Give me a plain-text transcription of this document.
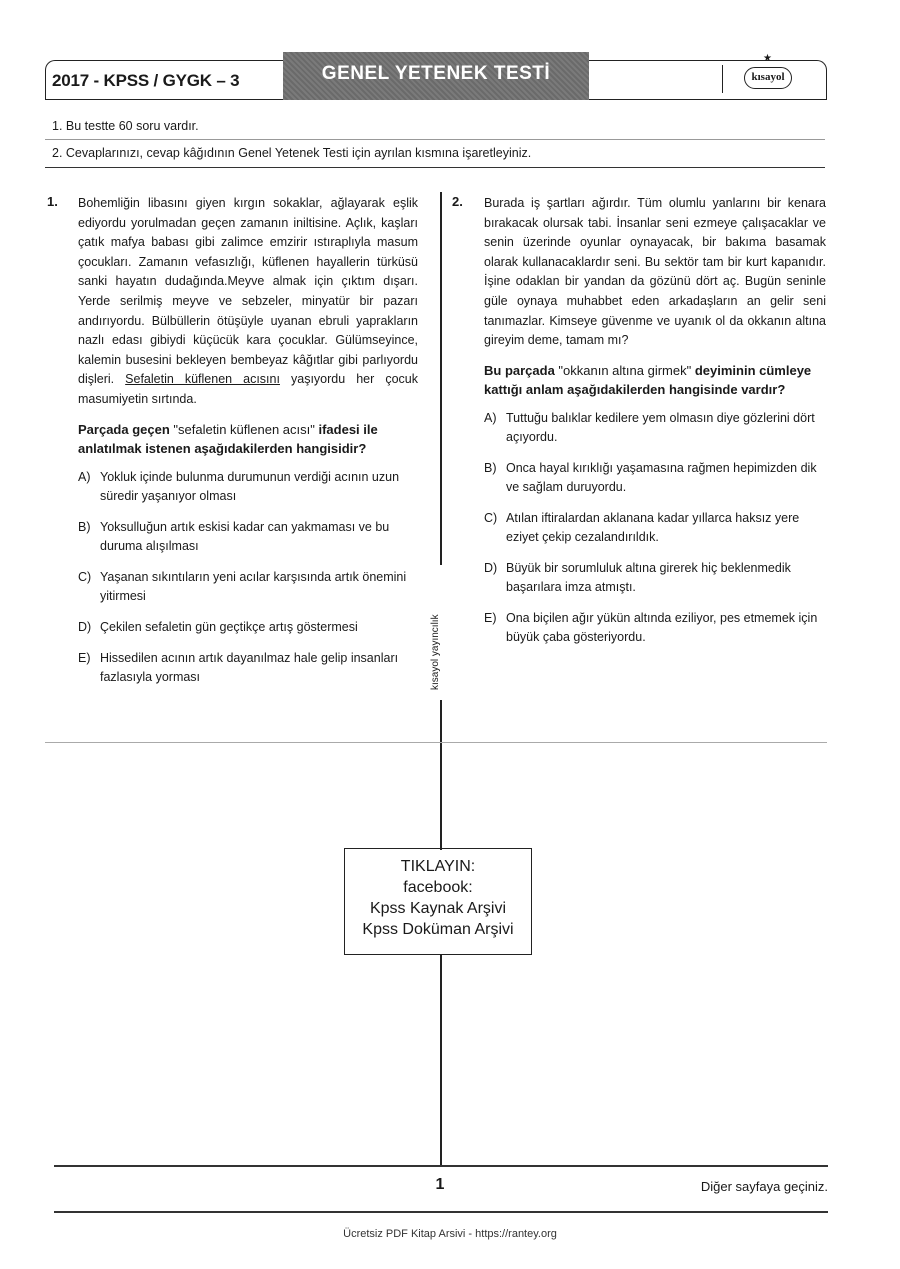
2017 - KPSS / GYGK – 3	GENEL YETENEK TESTİ
★
kısayol
1. Bu testte 60 soru vardır.
2. Cevaplarınızı, cevap kâğıdının Genel Yetenek Testi için ayrılan kısmına işaretleyiniz.
1. Bohemliğin libasını giyen kırgın sokaklar, ağlayarak eşlik ediyordu yorulmadan geçen zamanın iniltisine. Açlık, kaşları çatık mafya babası gibi zalimce emzirir ıstıraplıyla masum çocukları. Zamanın vefasızlığı, küflenen hayallerin türküsü sanki hayatın dudağında.Meyve almak için çıktım dışarı. Yerde serilmiş meyve ve sebzeler, minyatür bir pazarı andırıyordu. Bülbüllerin ötüşüyle uyanan ebruli yaprakların nazlı edası gibiydi küçücük kara çocuklar. Gülümseyince, kalemin busesini bekleyen bembeyaz kâğıtlar gibi parlıyordu dişleri. Sefaletin küflenen acısını yaşıyordu her çocuk masumiyetin sırtında.

Parçada geçen "sefaletin küflenen acısı" ifadesi ile anlatılmak istenen aşağıdakilerden hangisidir?

A) Yokluk içinde bulunma durumunun verdiği acının uzun süredir yaşanıyor olması
B) Yoksulluğun artık eskisi kadar can yakmaması ve bu duruma alışılması
C) Yaşanan sıkıntıların yeni acılar karşısında artık önemini yitirmesi
D) Çekilen sefaletin gün geçtikçe artış göstermesi
E) Hissedilen acının artık dayanılmaz hale gelip insanları fazlasıyla yorması	kısayol yayıncılık
2. Burada iş şartları ağırdır. Tüm olumlu yanlarını bir kenara bırakacak olursak tabi. İnsanlar seni ezmeye çalışacaklar ve senin üzerinde oyunlar oynayacak, bir bakıma basamak olarak kullanacaklardır seni. Bu sektör tam bir kurt kapanıdır. İşine odaklan bir yandan da gözünü dört aç. Bugün seninle güle oynaya muhabbet eden arkadaşların an gelir seni tanımazlar. Kimseye güvenme ve uyanık ol da okkanın altına gireyim deme, tamam mı?

Bu parçada "okkanın altına girmek" deyiminin cümleye kattığı anlam aşağıdakilerden hangisinde vardır?

A) Tuttuğu balıklar kedilere yem olmasın diye gözlerini dört açıyordu.
B) Onca hayal kırıklığı yaşamasına rağmen hepimizden dik ve sağlam duruyordu.
C) Atılan iftiralardan aklanana kadar yıllarca haksız yere eziyet çekip cezalandırıldık.
D) Büyük bir sorumluluk altına girerek hiç beklenmedik başarılara imza atmıştı.
E) Ona biçilen ağır yükün altında eziliyor, pes etmemek için büyük çaba gösteriyordu.
TIKLAYIN:
facebook:
Kpss Kaynak Arşivi
Kpss Doküman Arşivi
1	Diğer sayfaya geçiniz.
Ücretsiz PDF Kitap Arsivi - https://rantey.org
